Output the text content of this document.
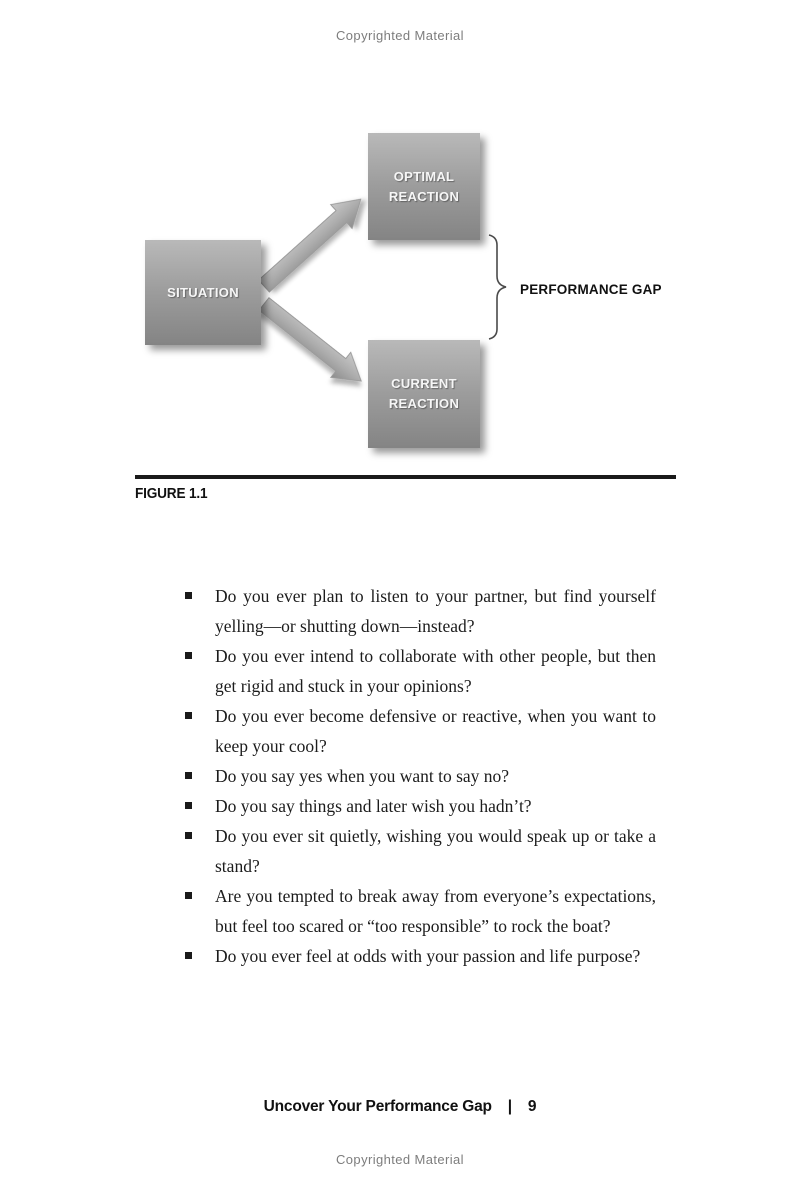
Copyrighted Material
SITUATION
OPTIMAL REACTION
CURRENT REACTION
PERFORMANCE GAP
FIGURE 1.1
Do you ever plan to listen to your partner, but find yourself yelling—or shutting down—instead?
Do you ever intend to collaborate with other people, but then get rigid and stuck in your opinions?
Do you ever become defensive or reactive, when you want to keep your cool?
Do you say yes when you want to say no?
Do you say things and later wish you hadn’t?
Do you ever sit quietly, wishing you would speak up or take a stand?
Are you tempted to break away from everyone’s expectations, but feel too scared or “too responsible” to rock the boat?
Do you ever feel at odds with your passion and life purpose?
Uncover Your Performance Gap | 9
Copyrighted Material
